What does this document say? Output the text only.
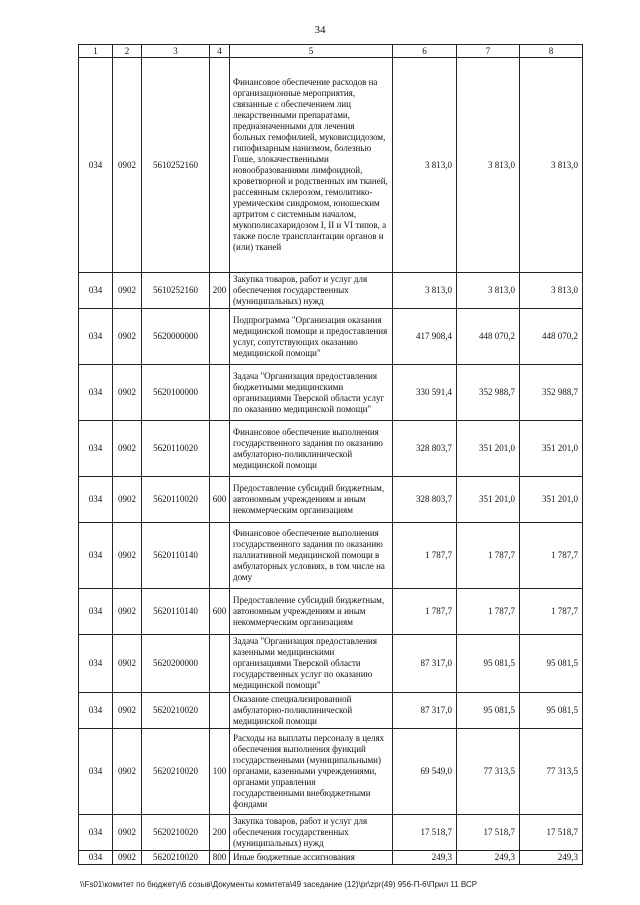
34
1	2	3	4	5	6	7	8
034	0902	5610252160		Финансовое обеспечение расходов на организационные мероприятия, связанные с обеспечением лиц лекарственными препаратами, предназначенными для лечения больных гемофилией, муковисцидозом, гипофизарным нанизмом, болезнью Гоше, злокачественными новообразованиями лимфоидной, кроветворной и родственных им тканей, рассеянным склерозом, гемолитико-уремическим синдромом, юношеским артритом с системным началом, мукополисахаридозом I, II и VI типов, а также после трансплантации органов и (или) тканей	3 813,0	3 813,0	3 813,0
034	0902	5610252160	200	Закупка товаров, работ и услуг для обеспечения государственных (муниципальных) нужд	3 813,0	3 813,0	3 813,0
034	0902	5620000000		Подпрограмма "Организация оказания медицинской помощи и предоставления услуг, сопутствующих оказанию медицинской помощи"	417 908,4	448 070,2	448 070,2
034	0902	5620100000		Задача "Организация предоставления бюджетными медицинскими организациями Тверской области услуг по оказанию медицинской помощи"	330 591,4	352 988,7	352 988,7
034	0902	5620110020		Финансовое обеспечение выполнения государственного задания по оказанию амбулаторно-поликлинической медицинской помощи	328 803,7	351 201,0	351 201,0
034	0902	5620110020	600	Предоставление субсидий бюджетным, автономным учреждениям и иным некоммерческим организациям	328 803,7	351 201,0	351 201,0
034	0902	5620110140		Финансовое обеспечение выполнения государственного задания по оказанию паллиативной медицинской помощи в амбулаторных условиях, в том числе на дому	1 787,7	1 787,7	1 787,7
034	0902	5620110140	600	Предоставление субсидий бюджетным, автономным учреждениям и иным некоммерческим организациям	1 787,7	1 787,7	1 787,7
034	0902	5620200000		Задача "Организация предоставления казенными медицинскими организациями Тверской области государственных услуг по оказанию медицинской помощи"	87 317,0	95 081,5	95 081,5
034	0902	5620210020		Оказание специализированной амбулаторно-поликлинической медицинской помощи	87 317,0	95 081,5	95 081,5
034	0902	5620210020	100	Расходы на выплаты персоналу в целях обеспечения выполнения функций государственными (муниципальными) органами, казенными учреждениями, органами управления государственными внебюджетными фондами	69 549,0	77 313,5	77 313,5
034	0902	5620210020	200	Закупка товаров, работ и услуг для обеспечения государственных (муниципальных) нужд	17 518,7	17 518,7	17 518,7
034	0902	5620210020	800	Иные бюджетные ассигнования	249,3	249,3	249,3
\\Fs01\комитет по бюджету\6 созыв\Документы комитета\49 заседание (12)\pr\zpr(49) 956-П-6\Прил 11 ВСР
